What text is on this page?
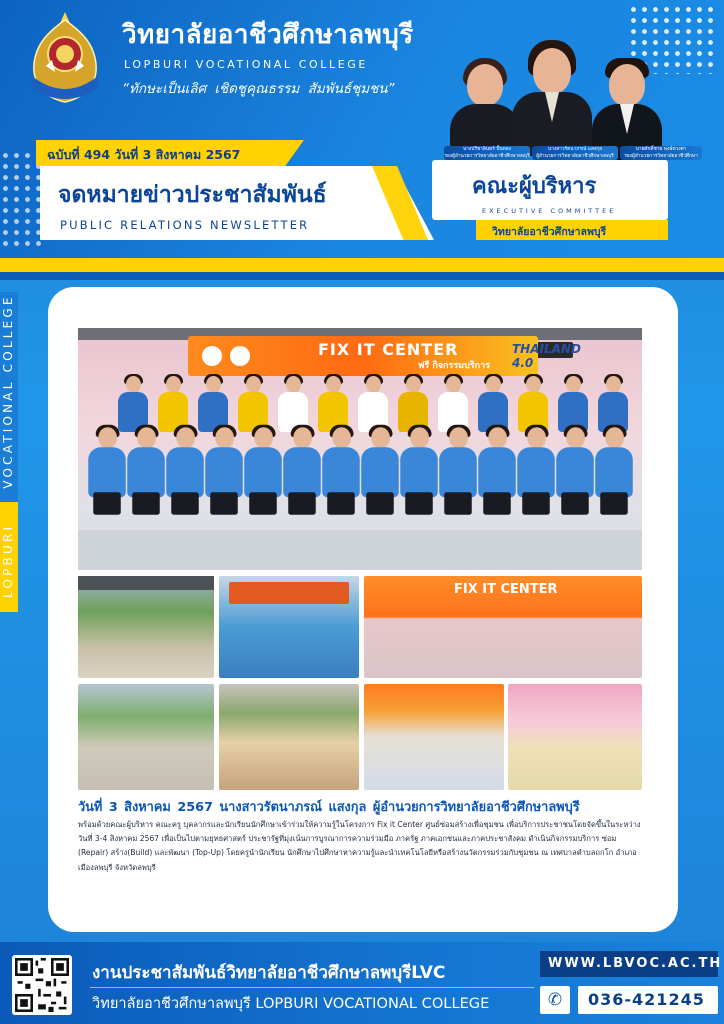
วิทยาลัยอาชีวศึกษาลพบุรี
LOPBURI VOCATIONAL COLLEGE
“ทักษะเป็นเลิศ เชิดชูคุณธรรม สัมพันธ์ชุมชน”
นางปรีชาลินทร์ ปั้นทอง
รองผู้อำนวยการวิทยาลัยอาชีวศึกษาลพบุรี
นางสาวรัตนาภรณ์ แสงกุล
ผู้อำนวยการวิทยาลัยอาชีวศึกษาลพบุรี
นายศักดิ์ชาย พงษ์ทวงศา
รองผู้อำนวยการวิทยาลัยอาชีวศึกษา
ฉบับที่ 494 วันที่ 3 สิงหาคม 2567
จดหมายข่าวประชาสัมพันธ์
PUBLIC RELATIONS NEWSLETTER
คณะผู้บริหาร
EXECUTIVE COMMITTEE
วิทยาลัยอาชีวศึกษาลพบุรี
LOPBURI     VOCATIONAL COLLEGE	FIX IT CENTER	THAILAND 4.0
ฟรี กิจกรรมบริการ
FIX IT CENTER
วันที่ 3 สิงหาคม 2567 นางสาวรัตนาภรณ์ แสงกุล ผู้อำนวยการวิทยาลัยอาชีวศึกษาลพบุรี
พร้อมด้วยคณะผู้บริหาร คณะครู บุคลากรและนักเรียนนักศึกษาเข้าร่วมให้ความรู้ในโครงการ Fix it Center ศูนย์ซ่อมสร้างเพื่อชุมชน เพื่อบริการประชาชนโดยจัดขึ้นในระหว่างวันที่ 3-4 สิงหาคม 2567 เพื่อเป็นไปตามยุทธศาสตร์ ประชารัฐที่มุ่งเน้นการบูรณาการความร่วมมือ ภาครัฐ ภาคเอกชนและภาคประชาสังคม ดำเนินกิจกรรมบริการ ซ่อม (Repair) สร้าง(Build) และพัฒนา (Top-Up) โดยครูนำนักเรียน นักศึกษาไปศึกษาหาความรู้และนำเทคโนโลยีหรือสร้างนวัตกรรมร่วมกับชุมชน ณ เทศบาลตำบลถกโก อำเภอเมืองลพบุรี จังหวัดลพบุรี
งานประชาสัมพันธ์วิทยาลัยอาชีวศึกษาลพบุรีLVC
วิทยาลัยอาชีวศึกษาลพบุรี LOPBURI VOCATIONAL COLLEGE
WWW.LBVOC.AC.TH
✆	036-421245
